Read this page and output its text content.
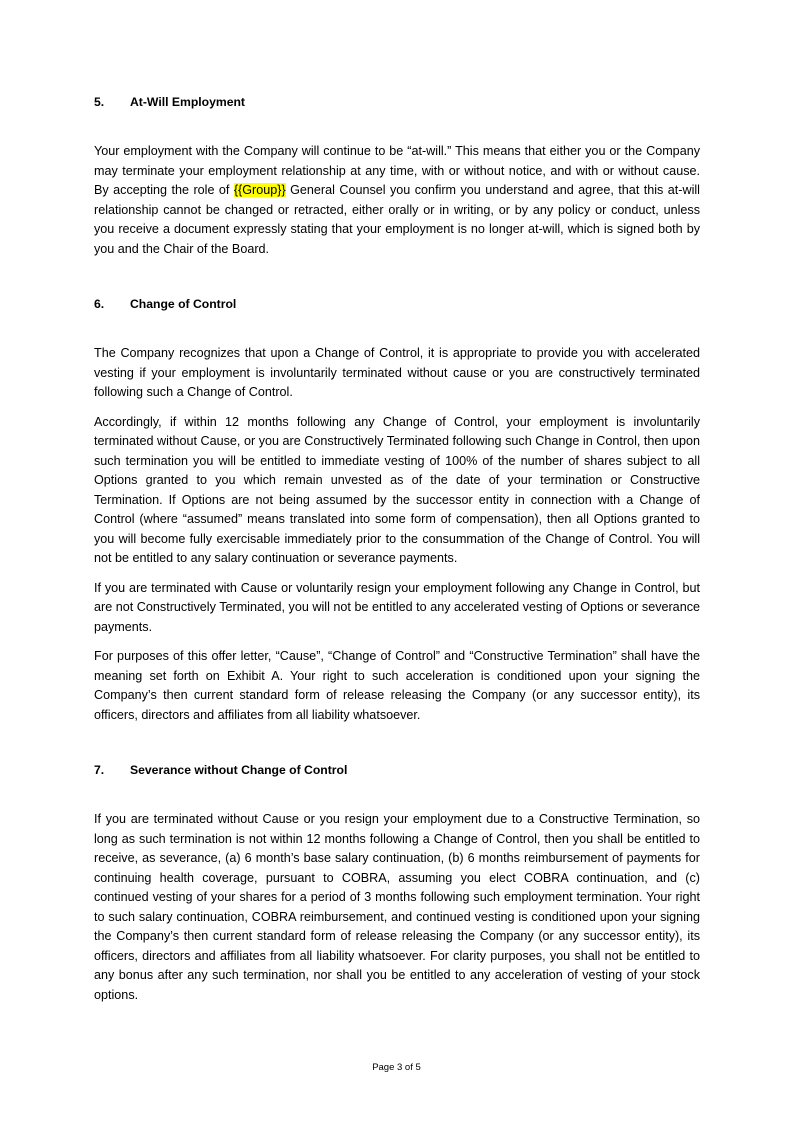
5.	At-Will Employment

Your employment with the Company will continue to be “at-will.” This means that either you or the Company may terminate your employment relationship at any time, with or without notice, and with or without cause. By accepting the role of {{Group}} General Counsel you confirm you understand and agree, that this at-will relationship cannot be changed or retracted, either orally or in writing, or by any policy or conduct, unless you receive a document expressly stating that your employment is no longer at-will, which is signed both by you and the Chair of the Board.

6.	Change of Control

The Company recognizes that upon a Change of Control, it is appropriate to provide you with accelerated vesting if your employment is involuntarily terminated without cause or you are constructively terminated following such a Change of Control.

Accordingly, if within 12 months following any Change of Control, your employment is involuntarily terminated without Cause, or you are Constructively Terminated following such Change in Control, then upon such termination you will be entitled to immediate vesting of 100% of the number of shares subject to all Options granted to you which remain unvested as of the date of your termination or Constructive Termination. If Options are not being assumed by the successor entity in connection with a Change of Control (where “assumed” means translated into some form of compensation), then all Options granted to you will become fully exercisable immediately prior to the consummation of the Change of Control. You will not be entitled to any salary continuation or severance payments.

If you are terminated with Cause or voluntarily resign your employment following any Change in Control, but are not Constructively Terminated, you will not be entitled to any accelerated vesting of Options or severance payments.

For purposes of this offer letter, “Cause”, “Change of Control” and “Constructive Termination” shall have the meaning set forth on Exhibit A. Your right to such acceleration is conditioned upon your signing the Company’s then current standard form of release releasing the Company (or any successor entity), its officers, directors and affiliates from all liability whatsoever.

7.	Severance without Change of Control

If you are terminated without Cause or you resign your employment due to a Constructive Termination, so long as such termination is not within 12 months following a Change of Control, then you shall be entitled to receive, as severance, (a) 6 month’s base salary continuation, (b) 6 months reimbursement of payments for continuing health coverage, pursuant to COBRA, assuming you elect COBRA continuation, and (c) continued vesting of your shares for a period of 3 months following such employment termination. Your right to such salary continuation, COBRA reimbursement, and continued vesting is conditioned upon your signing the Company’s then current standard form of release releasing the Company (or any successor entity), its officers, directors and affiliates from all liability whatsoever. For clarity purposes, you shall not be entitled to any bonus after any such termination, nor shall you be entitled to any acceleration of vesting of your stock options.

Page 3 of 5
